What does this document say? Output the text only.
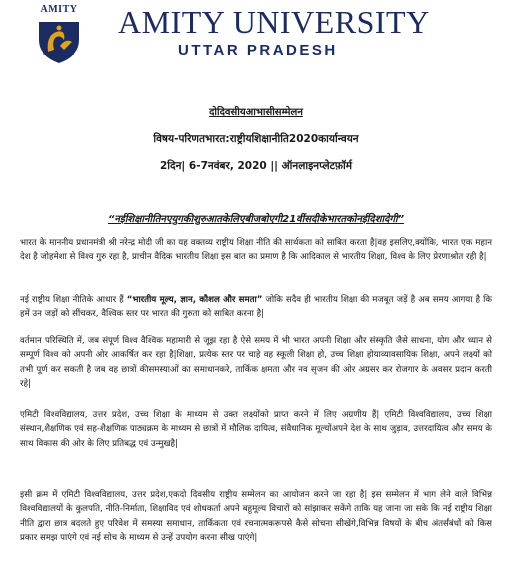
AMITY
UNIVERSITY
AMITY UNIVERSITY
UTTAR PRADESH
दोदिवसीयआभासीसम्मेलन
विषय-परिणतभारत:राष्ट्रीयशिक्षानीति2020कार्यान्वयन
2दिन| 6-7नवंबर, 2020 || ऑनलाइनप्लेटफ़ॉर्म
“नईशिक्षानीतिनएयुगकीशुरुआतकेलिएबीजबोएगी21वींसदीकेभारतकोनईदिशादेगी”

भारत के माननीय प्रधानमंत्री श्री नरेन्द्र मोदी जी का यह वक्तव्य राष्ट्रीय शिक्षा नीति की सार्थकता को साबित करता है|वह इसलिए,क्योंकि, भारत एक महान देश है जोहमेशा से विश्व गुरु रहा है, प्राचीन वैदिक भारतीय शिक्षा इस बात का प्रमाण है कि आदिकाल से भारतीय शिक्षा, विश्व के लिए प्रेरणाश्रोत रही है|

नई राष्ट्रीय शिक्षा नीतिके आधार हैं “भारतीय मूल्य, ज्ञान, कौशल और समता” जोकि सदैव ही भारतीय शिक्षा की मजबूत जड़ें है अब समय आगया है कि हमें उन जड़ों को सींचकर, वैश्विक स्तर पर भारत की गुरुता को साबित करना है|

वर्तमान परिस्थिति में, जब संपूर्ण विश्व वैश्विक महामारी से जूझ रहा है ऐसे समय में भी भारत अपनी शिक्षा और संस्कृति जैसे साधना, योग और ध्यान से सम्पूर्ण विश्व को अपनी ओर आकर्षित कर रहा है|शिक्षा, प्रत्येक स्तर पर चाहे वह स्कूली शिक्षा हो, उच्च शिक्षा होयाव्यावसायिक शिक्षा, अपने लक्ष्यों को तभी पूर्ण कर सकती है जब वह छात्रों कीसमस्याओं का समाधानकरे, तार्किक क्षमता और नव सृजन की ओर अग्रसर कर रोजगार के अवसर प्रदान करती रहे|

एमिटी विश्वविद्यालय, उत्तर प्रदेश, उच्च शिक्षा के माध्यम से उक्त लक्ष्योंको प्राप्त करने में लिए अग्रणीय हैं| एमिटी विश्वविद्यालय, उच्च शिक्षा संस्थान,शैक्षणिक एवं सह-शैक्षणिक पाठ्यक्रम के माध्यम से छात्रों में मौलिक दायित्व, संवैधानिक मूल्योंअपने देश के साथ जुड़ाव, उत्तरदायित्व और समय के साथ विकास की ओर के लिए प्रतिबद्ध एवं उन्मुखहै|

इसी क्रम में एमिटी विश्वविद्यालय, उत्तर प्रदेश,एकदो दिवसीय राष्ट्रीय सम्मेलन का आयोजन करने जा रहा है| इस सम्मेलन में भाग लेने वाले विभिन्न विश्वविद्यालयों के कुलपति, नीति-निर्माता, शिक्षाविद एवं शोधकर्ता अपने बहुमूल्य विचारों को सांझाकर सकेंगे ताकि यह जाना जा सके कि नई राष्ट्रीय शिक्षा नीति द्वारा छात्र बदलते हुए परिवेश में समस्या समाधान, तार्किकता एवं रचनात्मकरूपसे कैसे सोचना सीखेंगे,विभिन्न विषयों के बीच अंतर्संबंधों को किस प्रकार समझ पाएंगे एवं नई सोच के माध्यम से उन्हें उपयोग करना सीख पाएंगे|
